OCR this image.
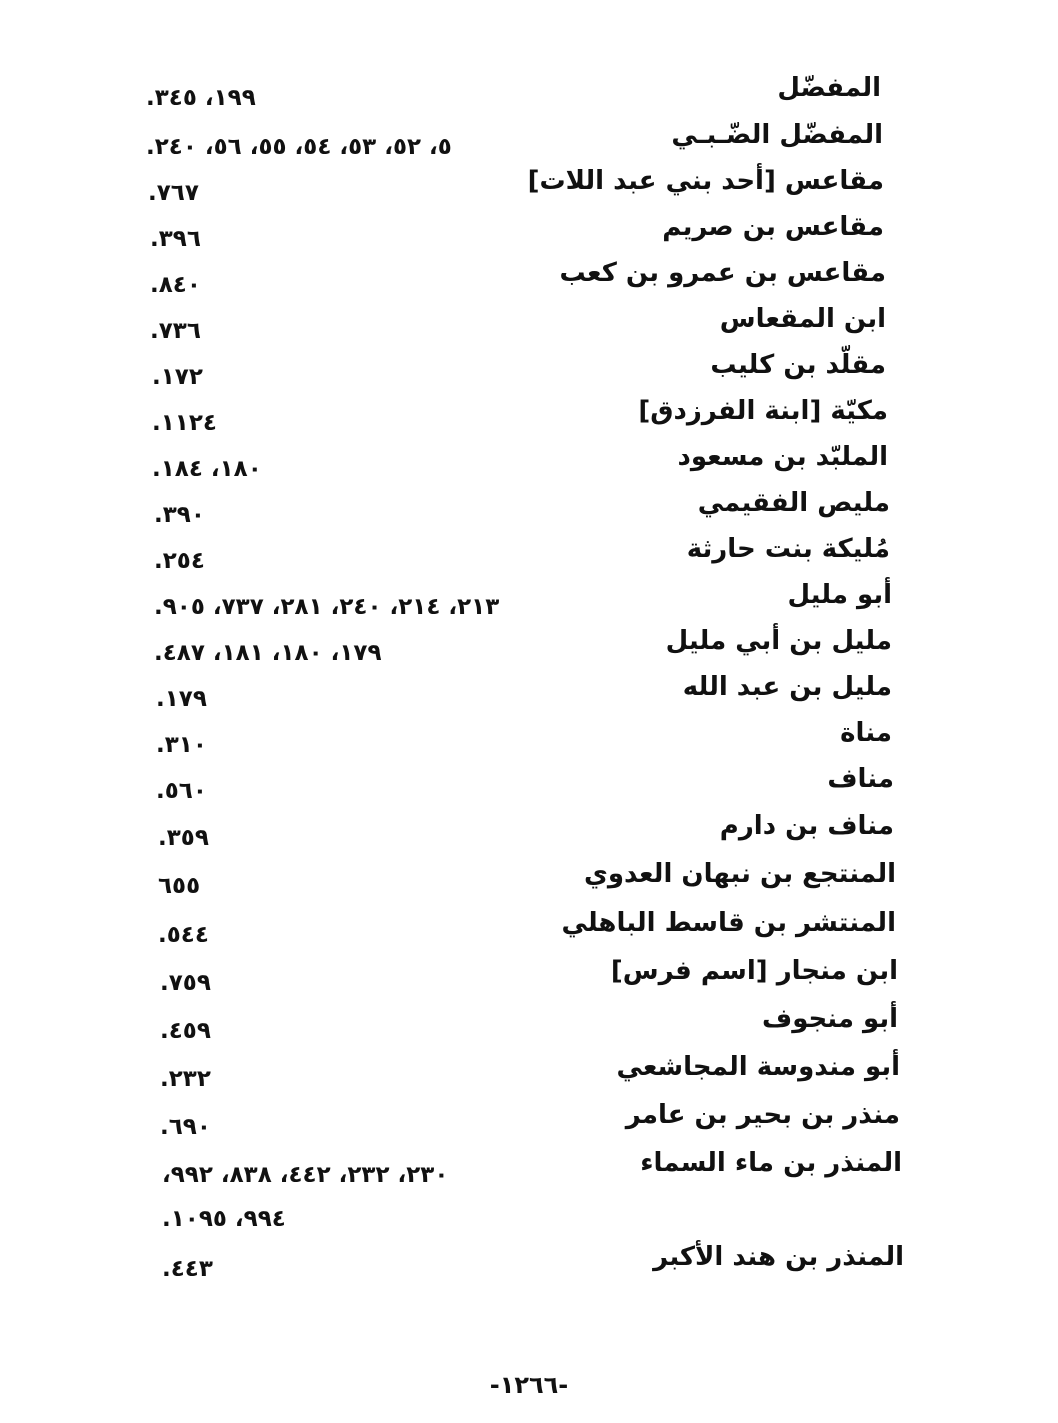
المفضّل
١٩٩، ٣٤٥.
المفضّل الضّـبـي
٥، ٥٢، ٥٣، ٥٤، ٥٥، ٥٦، ٢٤٠.
مقاعس [أحد بني عبد اللات]
٧٦٧.
مقاعس بن صريم
٣٩٦.
مقاعس بن عمرو بن كعب
٨٤٠.
ابن المقعاس
٧٣٦.
مقلّد بن كليب
١٧٢.
مكيّة [ابنة الفرزدق]
١١٢٤.
الملبّد بن مسعود
١٨٠، ١٨٤.
مليص الفقيمي
٣٩٠.
مُليكة بنت حارثة
٢٥٤.
أبو مليل
٢١٣، ٢١٤، ٢٤٠، ٢٨١، ٧٣٧، ٩٠٥.
مليل بن أبي مليل
١٧٩، ١٨٠، ١٨١، ٤٨٧.
مليل بن عبد الله
١٧٩.
مناة
٣١٠.
مناف
٥٦٠.
مناف بن دارم
٣٥٩.
المنتجع بن نبهان العدوي
٦٥٥
المنتشر بن قاسط الباهلي
٥٤٤.
ابن منجار [اسم فرس]
٧٥٩.
أبو منجوف
٤٥٩.
أبو مندوسة المجاشعي
٢٣٢.
منذر بن بحير بن عامر
٦٩٠.
المنذر بن ماء السماء
٢٣٠، ٢٣٢، ٤٤٢، ٨٣٨، ٩٩٢،
٩٩٤، ١٠٩٥.
المنذر بن هند الأكبر
٤٤٣.
-١٢٦٦-
